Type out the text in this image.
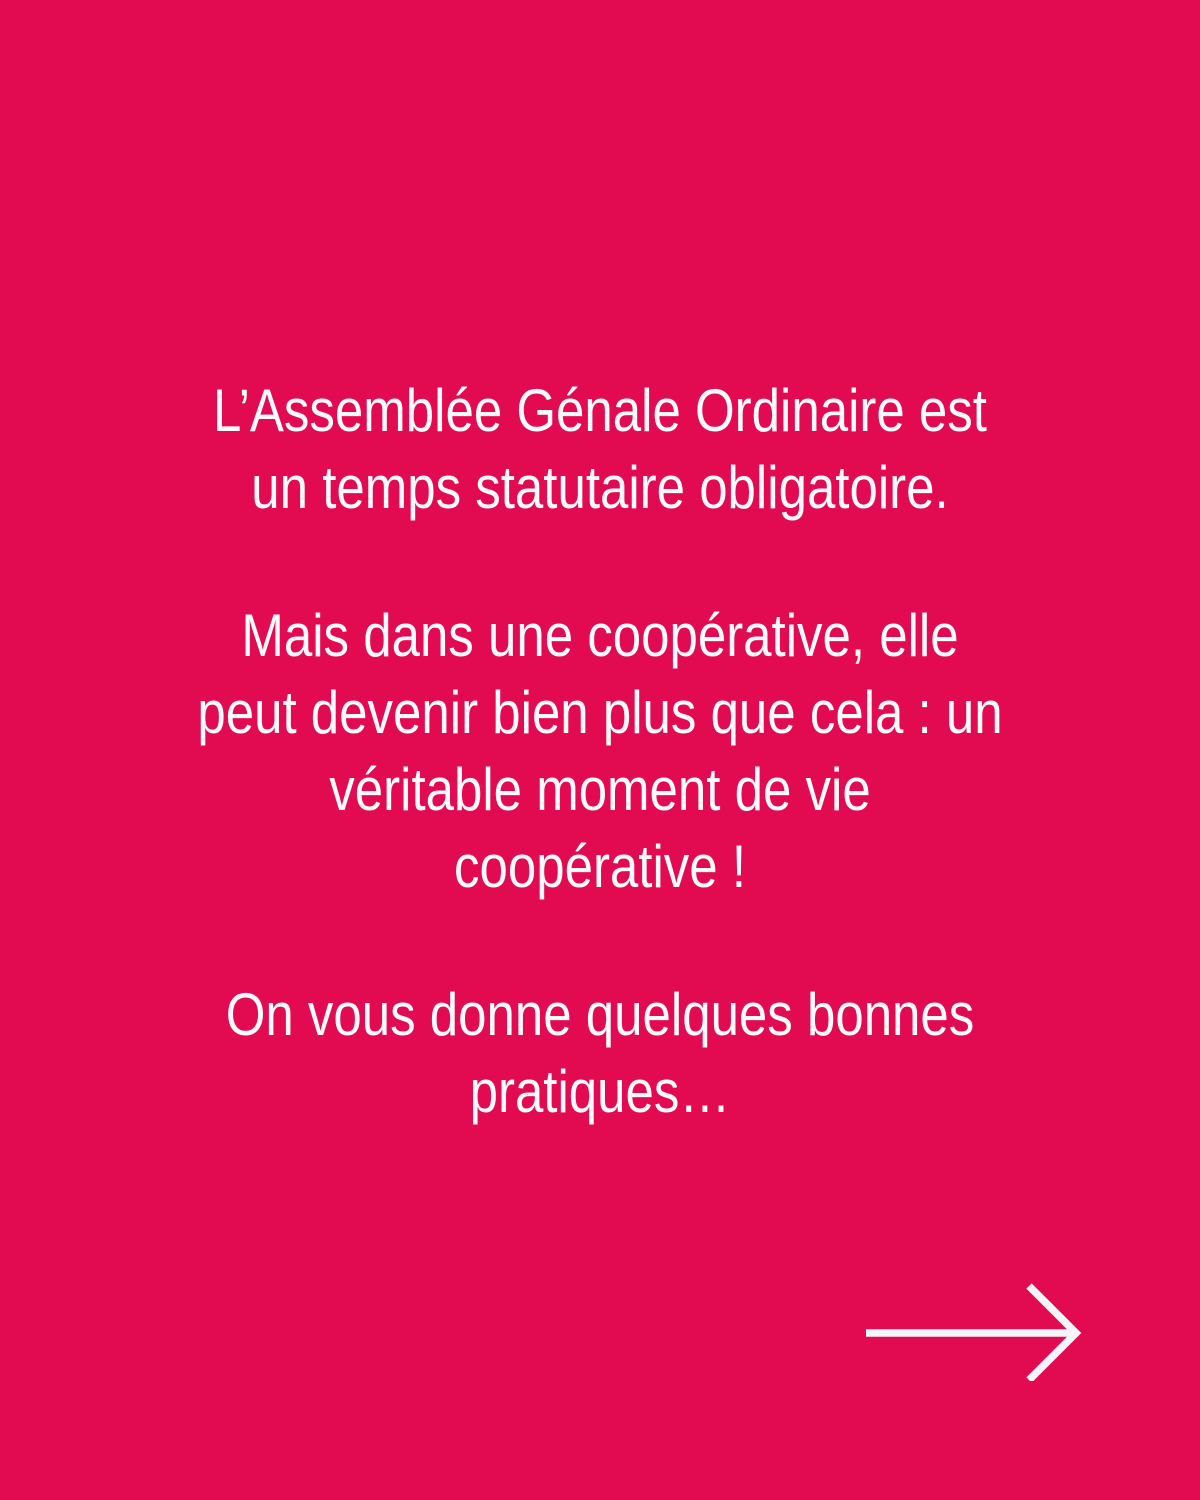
L’Assemblée Génale Ordinaire est
un temps statutaire obligatoire.

Mais dans une coopérative, elle
peut devenir bien plus que cela : un
véritable moment de vie
coopérative !

On vous donne quelques bonnes
pratiques…
